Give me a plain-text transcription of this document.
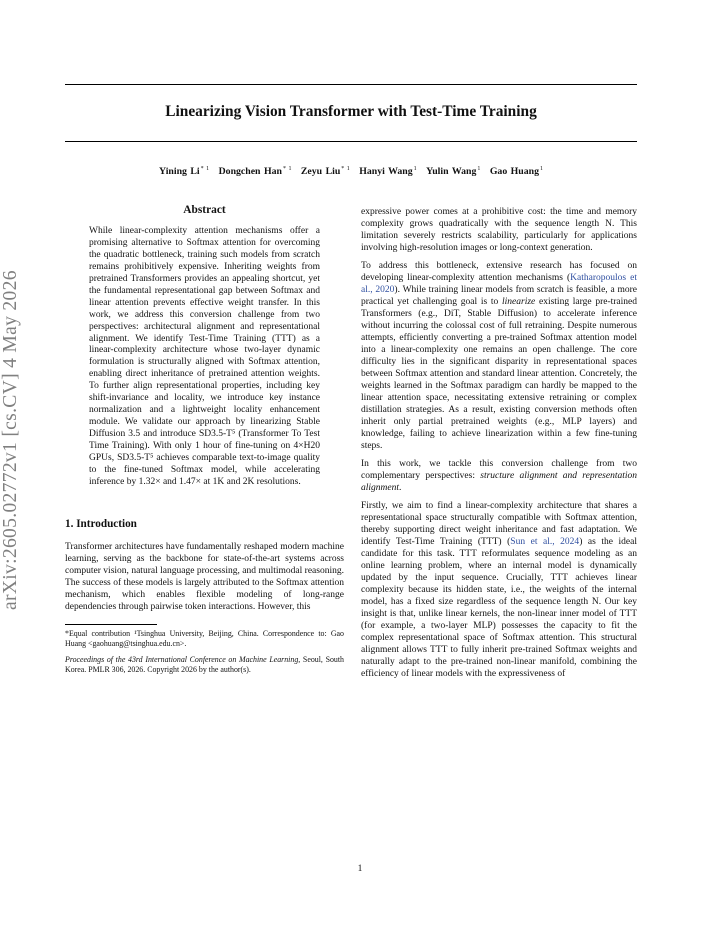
Linearizing Vision Transformer with Test-Time Training
Yining Li$^{* 1}$ Dongchen Han$^{* 1}$ Zeyu Liu$^{* 1}$ Hanyi Wang$^1$ Yulin Wang$^1$ Gao Huang$^1$
arXiv:2605.02772v1 [cs.CV] 4 May 2026
Abstract
While linear-complexity attention mechanisms offer a promising alternative to Softmax attention for overcoming the quadratic bottleneck, training such models from scratch remains prohibitively expensive. Inheriting weights from pretrained Transformers provides an appealing shortcut, yet the fundamental representational gap between Softmax and linear attention prevents effective weight transfer. In this work, we address this conversion challenge from two perspectives: architectural alignment and representational alignment. We identify Test-Time Training (TTT) as a linear-complexity architecture whose two-layer dynamic formulation is structurally aligned with Softmax attention, enabling direct inheritance of pretrained attention weights. To further align representational properties, including key shift-invariance and locality, we introduce key instance normalization and a lightweight locality enhancement module. We validate our approach by linearizing Stable Diffusion 3.5 and introduce SD3.5-T⁵ (Transformer To Test Time Training). With only 1 hour of fine-tuning on 4×H20 GPUs, SD3.5-T⁵ achieves comparable text-to-image quality to the fine-tuned Softmax model, while accelerating inference by 1.32× and 1.47× at 1K and 2K resolutions.
1. Introduction
Transformer architectures have fundamentally reshaped modern machine learning, serving as the backbone for state-of-the-art systems across computer vision, natural language processing, and multimodal reasoning. The success of these models is largely attributed to the Softmax attention mechanism, which enables flexible modeling of long-range dependencies through pairwise token interactions. However, this
*Equal contribution ¹Tsinghua University, Beijing, China. Correspondence to: Gao Huang <gaohuang@tsinghua.edu.cn>.
Proceedings of the 43rd International Conference on Machine Learning, Seoul, South Korea. PMLR 306, 2026. Copyright 2026 by the author(s).
expressive power comes at a prohibitive cost: the time and memory complexity grows quadratically with the sequence length N. This limitation severely restricts scalability, particularly for applications involving high-resolution images or long-context generation.
To address this bottleneck, extensive research has focused on developing linear-complexity attention mechanisms (Katharopoulos et al., 2020). While training linear models from scratch is feasible, a more practical yet challenging goal is to linearize existing large pre-trained Transformers (e.g., DiT, Stable Diffusion) to accelerate inference without incurring the colossal cost of full retraining. Despite numerous attempts, efficiently converting a pre-trained Softmax attention model into a linear-complexity one remains an open challenge. The core difficulty lies in the significant disparity in representational spaces between Softmax attention and standard linear attention. Concretely, the weights learned in the Softmax paradigm can hardly be mapped to the linear attention space, necessitating extensive retraining or complex distillation strategies. As a result, existing conversion methods often inherit only partial pretrained weights (e.g., MLP layers) and knowledge, failing to achieve linearization within a few fine-tuning steps.
In this work, we tackle this conversion challenge from two complementary perspectives: structure alignment and representation alignment.
Firstly, we aim to find a linear-complexity architecture that shares a representational space structurally compatible with Softmax attention, thereby supporting direct weight inheritance and fast adaptation. We identify Test-Time Training (TTT) (Sun et al., 2024) as the ideal candidate for this task. TTT reformulates sequence modeling as an online learning problem, where an internal model is dynamically updated by the input sequence. Crucially, TTT achieves linear complexity because its hidden state, i.e., the weights of the internal model, has a fixed size regardless of the sequence length N. Our key insight is that, unlike linear kernels, the non-linear inner model of TTT (for example, a two-layer MLP) possesses the capacity to fit the complex representational space of Softmax attention. This structural alignment allows TTT to fully inherit pre-trained Softmax weights and naturally adapt to the pre-trained non-linear manifold, combining the efficiency of linear models with the expressiveness of
1
